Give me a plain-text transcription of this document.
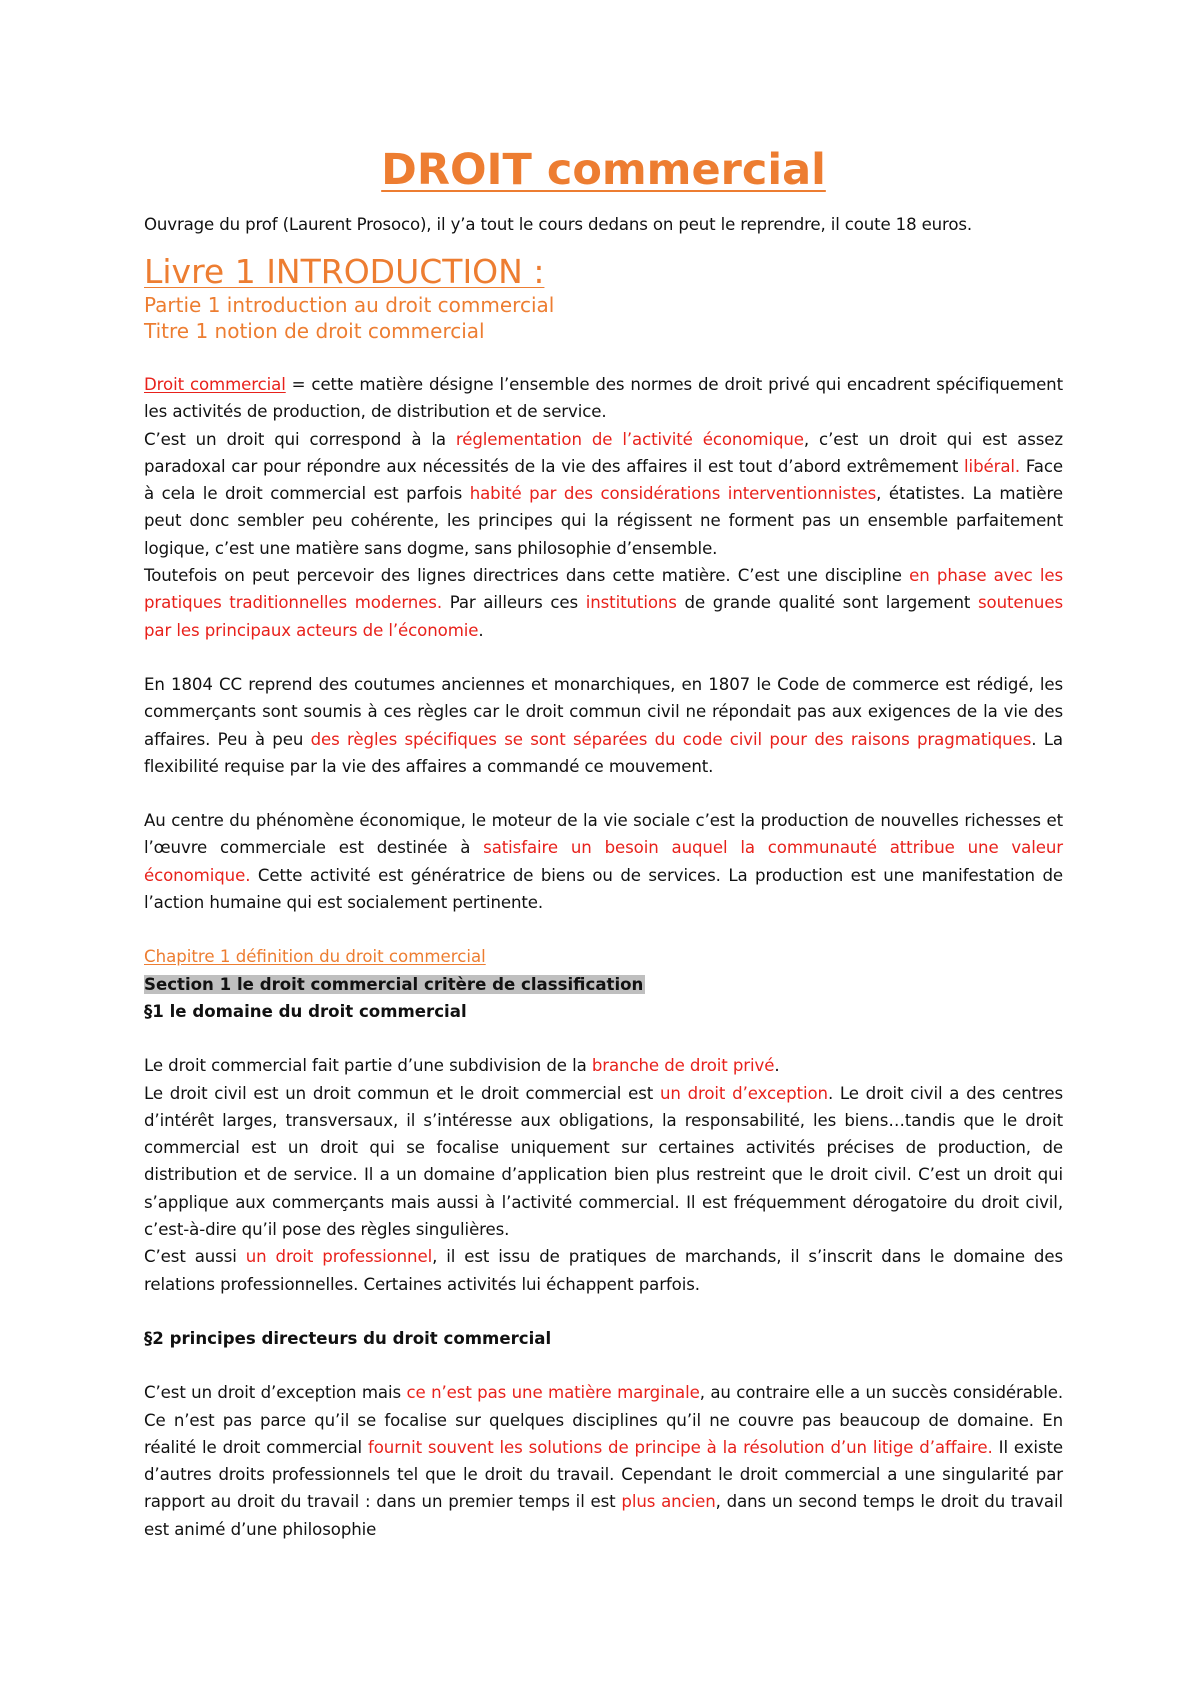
DROIT commercial

Ouvrage du prof (Laurent Prosoco), il y’a tout le cours dedans on peut le reprendre, il coute 18 euros.

Livre 1 INTRODUCTION :

Partie 1 introduction au droit commercial

Titre 1 notion de droit commercial

Droit commercial = cette matière désigne l’ensemble des normes de droit privé qui encadrent spécifiquement les activités de production, de distribution et de service.

C’est un droit qui correspond à la réglementation de l’activité économique, c’est un droit qui est assez paradoxal car pour répondre aux nécessités de la vie des affaires il est tout d’abord extrêmement libéral. Face à cela le droit commercial est parfois habité par des considérations interventionnistes, étatistes. La matière peut donc sembler peu cohérente, les principes qui la régissent ne forment pas un ensemble parfaitement logique, c’est une matière sans dogme, sans philosophie d’ensemble.

Toutefois on peut percevoir des lignes directrices dans cette matière. C’est une discipline en phase avec les pratiques traditionnelles modernes. Par ailleurs ces institutions de grande qualité sont largement soutenues par les principaux acteurs de l’économie.

En 1804 CC reprend des coutumes anciennes et monarchiques, en 1807 le Code de commerce est rédigé, les commerçants sont soumis à ces règles car le droit commun civil ne répondait pas aux exigences de la vie des affaires. Peu à peu des règles spécifiques se sont séparées du code civil pour des raisons pragmatiques. La flexibilité requise par la vie des affaires a commandé ce mouvement.

Au centre du phénomène économique, le moteur de la vie sociale c’est la production de nouvelles richesses et l’œuvre commerciale est destinée à satisfaire un besoin auquel la communauté attribue une valeur économique. Cette activité est génératrice de biens ou de services. La production est une manifestation de l’action humaine qui est socialement pertinente.

Chapitre 1 définition du droit commercial

Section 1 le droit commercial critère de classification

§1 le domaine du droit commercial

Le droit commercial fait partie d’une subdivision de la branche de droit privé.

Le droit civil est un droit commun et le droit commercial est un droit d’exception. Le droit civil a des centres d’intérêt larges, transversaux, il s’intéresse aux obligations, la responsabilité, les biens…tandis que le droit commercial est un droit qui se focalise uniquement sur certaines activités précises de production, de distribution et de service. Il a un domaine d’application bien plus restreint que le droit civil. C’est un droit qui s’applique aux commerçants mais aussi à l’activité commercial. Il est fréquemment dérogatoire du droit civil, c’est-à-dire qu’il pose des règles singulières.

C’est aussi un droit professionnel, il est issu de pratiques de marchands, il s’inscrit dans le domaine des relations professionnelles. Certaines activités lui échappent parfois.

§2 principes directeurs du droit commercial

C’est un droit d’exception mais ce n’est pas une matière marginale, au contraire elle a un succès considérable. Ce n’est pas parce qu’il se focalise sur quelques disciplines qu’il ne couvre pas beaucoup de domaine. En réalité le droit commercial fournit souvent les solutions de principe à la résolution d’un litige d’affaire. Il existe d’autres droits professionnels tel que le droit du travail. Cependant le droit commercial a une singularité par rapport au droit du travail : dans un premier temps il est plus ancien, dans un second temps le droit du travail est animé d’une philosophie
